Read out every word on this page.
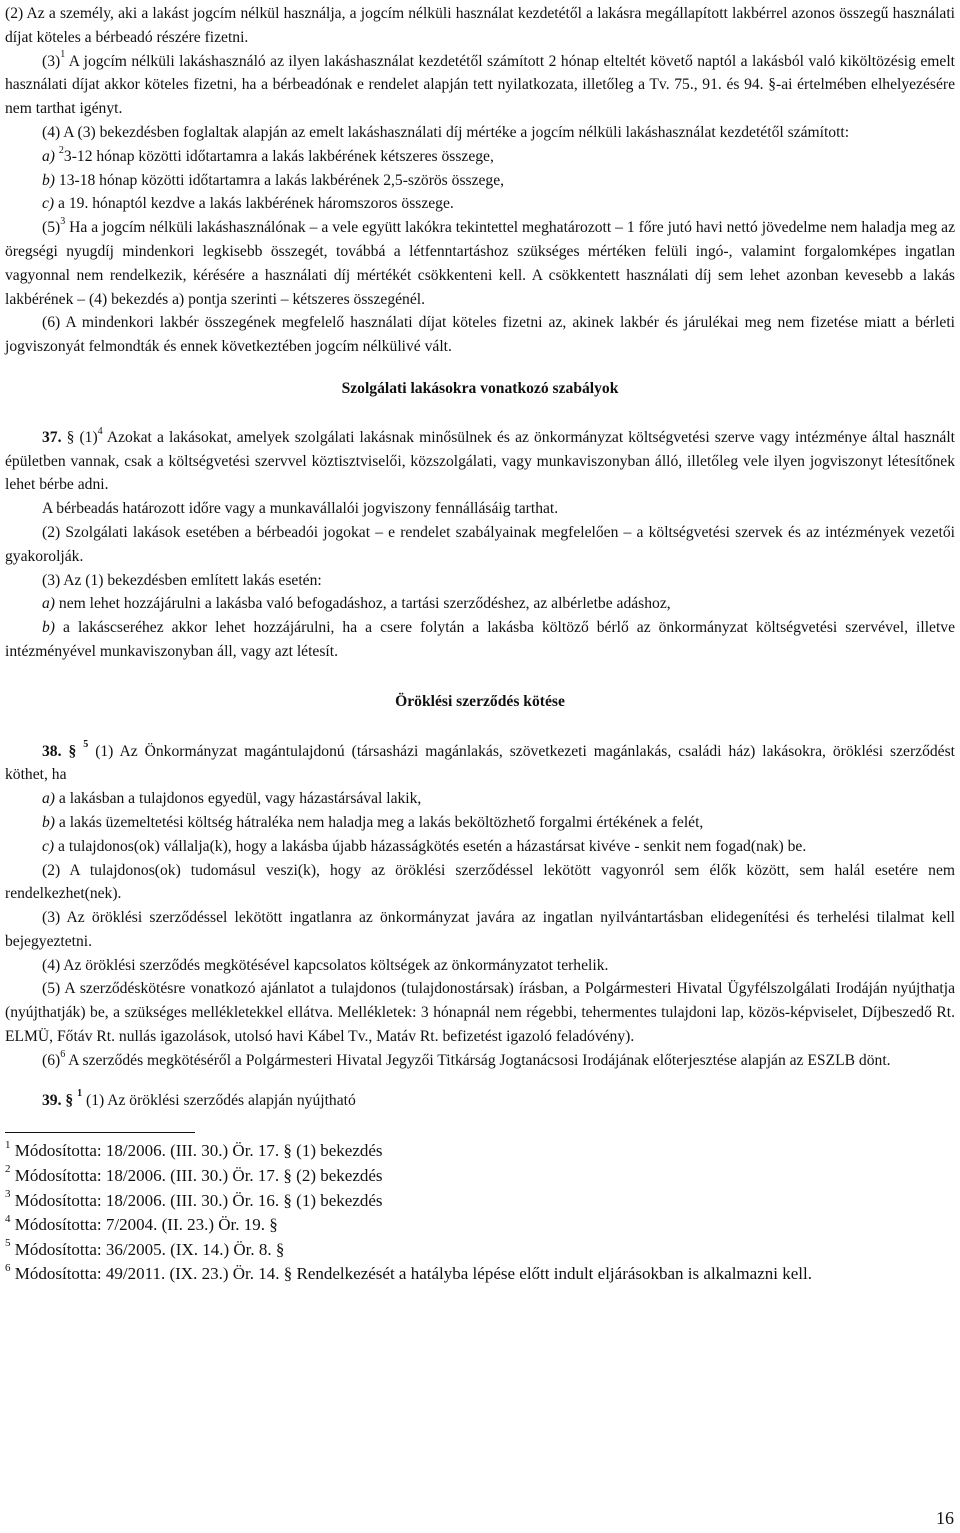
(2) Az a személy, aki a lakást jogcím nélkül használja, a jogcím nélküli használat kezdetétől a lakásra megállapított lakbérrel azonos összegű használati díjat köteles a bérbeadó részére fizetni.

$(3)^1$ A jogcím nélküli lakáshasználó az ilyen lakáshasználat kezdetétől számított 2 hónap elteltét követő naptól a lakásból való kiköltözésig emelt használati díjat akkor köteles fizetni, ha a bérbeadónak e rendelet alapján tett nyilatkozata, illetőleg a Tv. 75., 91. és 94. §-ai értelmében elhelyezésére nem tarthat igényt.

(4) A (3) bekezdésben foglaltak alapján az emelt lakáshasználati díj mértéke a jogcím nélküli lakáshasználat kezdetétől számított:

a) $^2$3-12 hónap közötti időtartamra a lakás lakbérének kétszeres összege,

b) 13-18 hónap közötti időtartamra a lakás lakbérének 2,5-szörös összege,

c) a 19. hónaptól kezdve a lakás lakbérének háromszoros összege.

$(5)^3$ Ha a jogcím nélküli lakáshasználónak – a vele együtt lakókra tekintettel meghatározott – 1 főre jutó havi nettó jövedelme nem haladja meg az öregségi nyugdíj mindenkori legkisebb összegét, továbbá a létfenntartáshoz szükséges mértéken felüli ingó-, valamint forgalomképes ingatlan vagyonnal nem rendelkezik, kérésére a használati díj mértékét csökkenteni kell. A csökkentett használati díj sem lehet azonban kevesebb a lakás lakbérének – (4) bekezdés a) pontja szerinti – kétszeres összegénél.

(6) A mindenkori lakbér összegének megfelelő használati díjat köteles fizetni az, akinek lakbér és járulékai meg nem fizetése miatt a bérleti jogviszonyát felmondták és ennek következtében jogcím nélkülivé vált.

Szolgálati lakásokra vonatkozó szabályok

37. § $(1)^4$ Azokat a lakásokat, amelyek szolgálati lakásnak minősülnek és az önkormányzat költségvetési szerve vagy intézménye által használt épületben vannak, csak a költségvetési szervvel köztisztviselői, közszolgálati, vagy munkaviszonyban álló, illetőleg vele ilyen jogviszonyt létesítőnek lehet bérbe adni.

A bérbeadás határozott időre vagy a munkavállalói jogviszony fennállásáig tarthat.

(2) Szolgálati lakások esetében a bérbeadói jogokat – e rendelet szabályainak megfelelően – a költségvetési szervek és az intézmények vezetői gyakorolják.

(3) Az (1) bekezdésben említett lakás esetén:

a) nem lehet hozzájárulni a lakásba való befogadáshoz, a tartási szerződéshez, az albérletbe adáshoz,

b) a lakáscseréhez akkor lehet hozzájárulni, ha a csere folytán a lakásba költöző bérlő az önkormányzat költségvetési szervével, illetve intézményével munkaviszonyban áll, vagy azt létesít.

Öröklési szerződés kötése

38. § $^5$ (1) Az Önkormányzat magántulajdonú (társasházi magánlakás, szövetkezeti magánlakás, családi ház) lakásokra, öröklési szerződést köthet, ha

a) a lakásban a tulajdonos egyedül, vagy házastársával lakik,

b) a lakás üzemeltetési költség hátraléka nem haladja meg a lakás beköltözhető forgalmi értékének a felét,

c) a tulajdonos(ok) vállalja(k), hogy a lakásba újabb házasságkötés esetén a házastársat kivéve - senkit nem fogad(nak) be.

(2) A tulajdonos(ok) tudomásul veszi(k), hogy az öröklési szerződéssel lekötött vagyonról sem élők között, sem halál esetére nem rendelkezhet(nek).

(3) Az öröklési szerződéssel lekötött ingatlanra az önkormányzat javára az ingatlan nyilvántartásban elidegenítési és terhelési tilalmat kell bejegyeztetni.

(4) Az öröklési szerződés megkötésével kapcsolatos költségek az önkormányzatot terhelik.

(5) A szerződéskötésre vonatkozó ajánlatot a tulajdonos (tulajdonostársak) írásban, a Polgármesteri Hivatal Ügyfélszolgálati Irodáján nyújthatja (nyújthatják) be, a szükséges mellékletekkel ellátva. Mellékletek: 3 hónapnál nem régebbi, tehermentes tulajdoni lap, közös-képviselet, Díjbeszedő Rt. ELMÜ, Főtáv Rt. nullás igazolások, utolsó havi Kábel Tv., Matáv Rt. befizetést igazoló feladóvény).

$(6)^6$ A szerződés megkötéséről a Polgármesteri Hivatal Jegyzői Titkárság Jogtanácsosi Irodájának előterjesztése alapján az ESZLB dönt.

39. § $^1$ (1) Az öröklési szerződés alapján nyújtható

$^1$ Módosította: 18/2006. (III. 30.) Ör. 17. § (1) bekezdés

$^2$ Módosította: 18/2006. (III. 30.) Ör. 17. § (2) bekezdés

$^3$ Módosította: 18/2006. (III. 30.) Ör. 16. § (1) bekezdés

$^4$ Módosította: 7/2004. (II. 23.) Ör. 19. §

$^5$ Módosította: 36/2005. (IX. 14.) Ör. 8. §

$^6$ Módosította: 49/2011. (IX. 23.) Ör. 14. § Rendelkezését a hatályba lépése előtt indult eljárásokban is alkalmazni kell.

16
